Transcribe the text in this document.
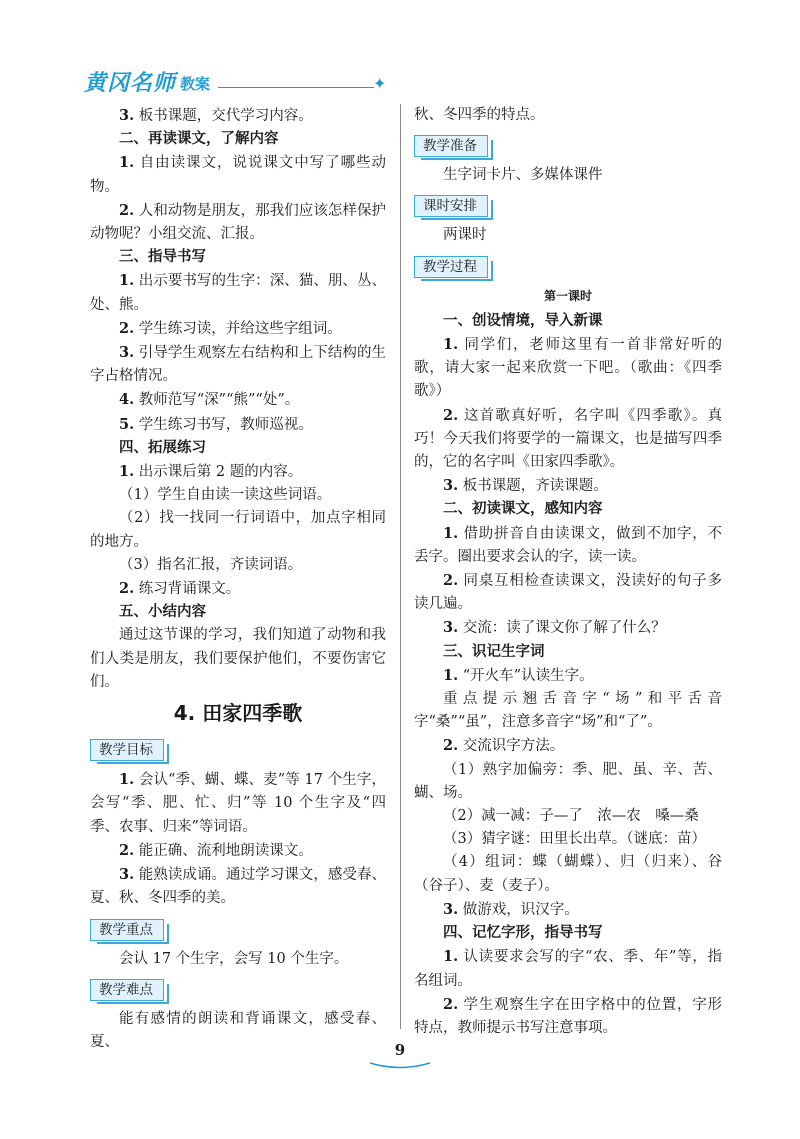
黄冈名师 教案	✦

3. 板书课题，交代学习内容。

二、再读课文，了解内容

1. 自由读课文，说说课文中写了哪些动物。

2. 人和动物是朋友，那我们应该怎样保护动物呢？小组交流、汇报。

三、指导书写

1. 出示要书写的生字：深、猫、朋、丛、处、熊。

2. 学生练习读，并给这些字组词。

3. 引导学生观察左右结构和上下结构的生字占格情况。

4. 教师范写“深”“熊”“处”。

5. 学生练习书写，教师巡视。

四、拓展练习

1. 出示课后第 2 题的内容。

（1）学生自由读一读这些词语。

（2）找一找同一行词语中，加点字相同的地方。

（3）指名汇报，齐读词语。

2. 练习背诵课文。

五、小结内容

通过这节课的学习，我们知道了动物和我们人类是朋友，我们要保护他们，不要伤害它们。

4. 田家四季歌
教学目标

1. 会认“季、蝴、蝶、麦”等 17 个生字，会写“季、肥、忙、归”等 10 个生字及“四季、农事、归来”等词语。

2. 能正确、流利地朗读课文。

3. 能熟读成诵。通过学习课文，感受春、夏、秋、冬四季的美。

教学重点

会认 17 个生字，会写 10 个生字。

教学难点

能有感情的朗读和背诵课文，感受春、夏、

秋、冬四季的特点。

教学准备

生字词卡片、多媒体课件

课时安排

两课时

教学过程

第一课时

一、创设情境，导入新课

1. 同学们，老师这里有一首非常好听的歌，请大家一起来欣赏一下吧。（歌曲：《四季歌》）

2. 这首歌真好听，名字叫《四季歌》。真巧！今天我们将要学的一篇课文，也是描写四季的，它的名字叫《田家四季歌》。

3. 板书课题，齐读课题。

二、初读课文，感知内容

1. 借助拼音自由读课文，做到不加字，不丢字。圈出要求会认的字，读一读。

2. 同桌互相检查读课文，没读好的句子多读几遍。

3. 交流：读了课文你了解了什么？

三、识记生字词

1. “开火车”认读生字。

重点提示翘舌音字“场”和平舌音字“桑”“虽”，注意多音字“场”和“了”。

2. 交流识字方法。

（1）熟字加偏旁：季、肥、虽、辛、苦、蝴、场。

（2）减一减：子—了　浓—农　嗓—桑

（3）猜字谜：田里长出草。（谜底：苗）

（4）组词：蝶（蝴蝶）、归（归来）、谷（谷子）、麦（麦子）。

3. 做游戏，识汉字。

四、记忆字形，指导书写

1. 认读要求会写的字“农、季、年”等，指名组词。

2. 学生观察生字在田字格中的位置，字形特点，教师提示书写注意事项。

9
